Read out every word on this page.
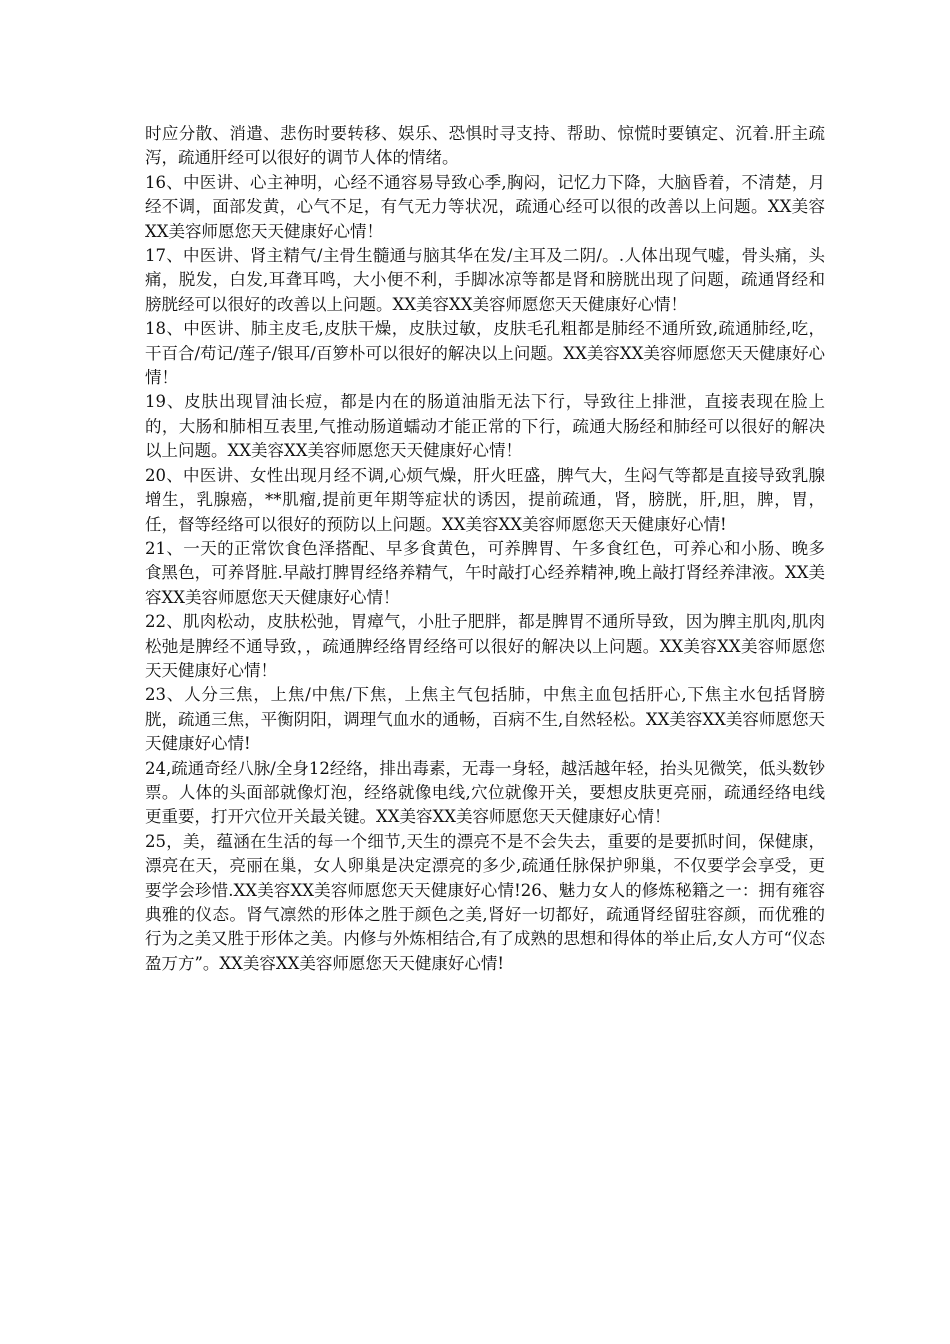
时应分散、消遣、悲伤时要转移、娱乐、恐惧时寻支持、帮助、惊慌时要镇定、沉着.肝主疏泻，疏通肝经可以很好的调节人体的情绪。

16、中医讲、心主神明，心经不通容易导致心季,胸闷，记忆力下降，大脑昏着，不清楚，月经不调，面部发黄，心气不足，有气无力等状况，疏通心经可以很的改善以上问题。XX美容XX美容师愿您天天健康好心情！

17、中医讲、肾主精气/主骨生髓通与脑其华在发/主耳及二阴/。.人体出现气嘘，骨头痛，头痛，脱发，白发,耳聋耳鸣，大小便不利，手脚冰凉等都是肾和膀胱出现了问题，疏通肾经和膀胱经可以很好的改善以上问题。XX美容XX美容师愿您天天健康好心情！

18、中医讲、肺主皮毛,皮肤干燥，皮肤过敏，皮肤毛孔粗都是肺经不通所致,疏通肺经,吃，干百合/苟记/莲子/银耳/百箩朴可以很好的解决以上问题。XX美容XX美容师愿您天天健康好心情！

19、皮肤出现冒油长痘，都是内在的肠道油脂无法下行，导致往上排泄，直接表现在脸上的，大肠和肺相互表里,气推动肠道蠕动才能正常的下行，疏通大肠经和肺经可以很好的解决以上问题。XX美容XX美容师愿您天天健康好心情！

20、中医讲、女性出现月经不调,心烦气燥，肝火旺盛，脾气大，生闷气等都是直接导致乳腺增生，乳腺癌，**肌瘤,提前更年期等症状的诱因，提前疏通，肾，膀胱，肝,胆，脾，胃，任，督等经络可以很好的预防以上问题。XX美容XX美容师愿您天天健康好心情!

21、一天的正常饮食色泽搭配、早多食黄色，可养脾胃、午多食红色，可养心和小肠、晚多食黑色，可养肾脏.早敲打脾胃经络养精气，午时敲打心经养精神,晚上敲打肾经养津液。XX美容XX美容师愿您天天健康好心情！

22、肌肉松动，皮肤松弛，胃瘴气，小肚子肥胖，都是脾胃不通所导致，因为脾主肌肉,肌肉松弛是脾经不通导致，，疏通脾经络胃经络可以很好的解决以上问题。XX美容XX美容师愿您天天健康好心情！

23、人分三焦，上焦/中焦/下焦，上焦主气包括肺，中焦主血包括肝心,下焦主水包括肾膀胱，疏通三焦，平衡阴阳，调理气血水的通畅，百病不生,自然轻松。XX美容XX美容师愿您天天健康好心情!

24,疏通奇经八脉/全身12经络，排出毒素，无毒一身轻，越活越年轻，抬头见微笑，低头数钞票。人体的头面部就像灯泡，经络就像电线,穴位就像开关，要想皮肤更亮丽，疏通经络电线更重要，打开穴位开关最关键。XX美容XX美容师愿您天天健康好心情！

25，美，蕴涵在生活的每一个细节,天生的漂亮不是不会失去，重要的是要抓时间，保健康，漂亮在天，亮丽在巢，女人卵巢是决定漂亮的多少,疏通任脉保护卵巢，不仅要学会享受，更要学会珍惜.XX美容XX美容师愿您天天健康好心情!26、魅力女人的修炼秘籍之一：拥有雍容典雅的仪态。肾气凛然的形体之胜于颜色之美,肾好一切都好，疏通肾经留驻容颜，而优雅的行为之美又胜于形体之美。内修与外炼相结合,有了成熟的思想和得体的举止后,女人方可“仪态盈万方”。XX美容XX美容师愿您天天健康好心情!
